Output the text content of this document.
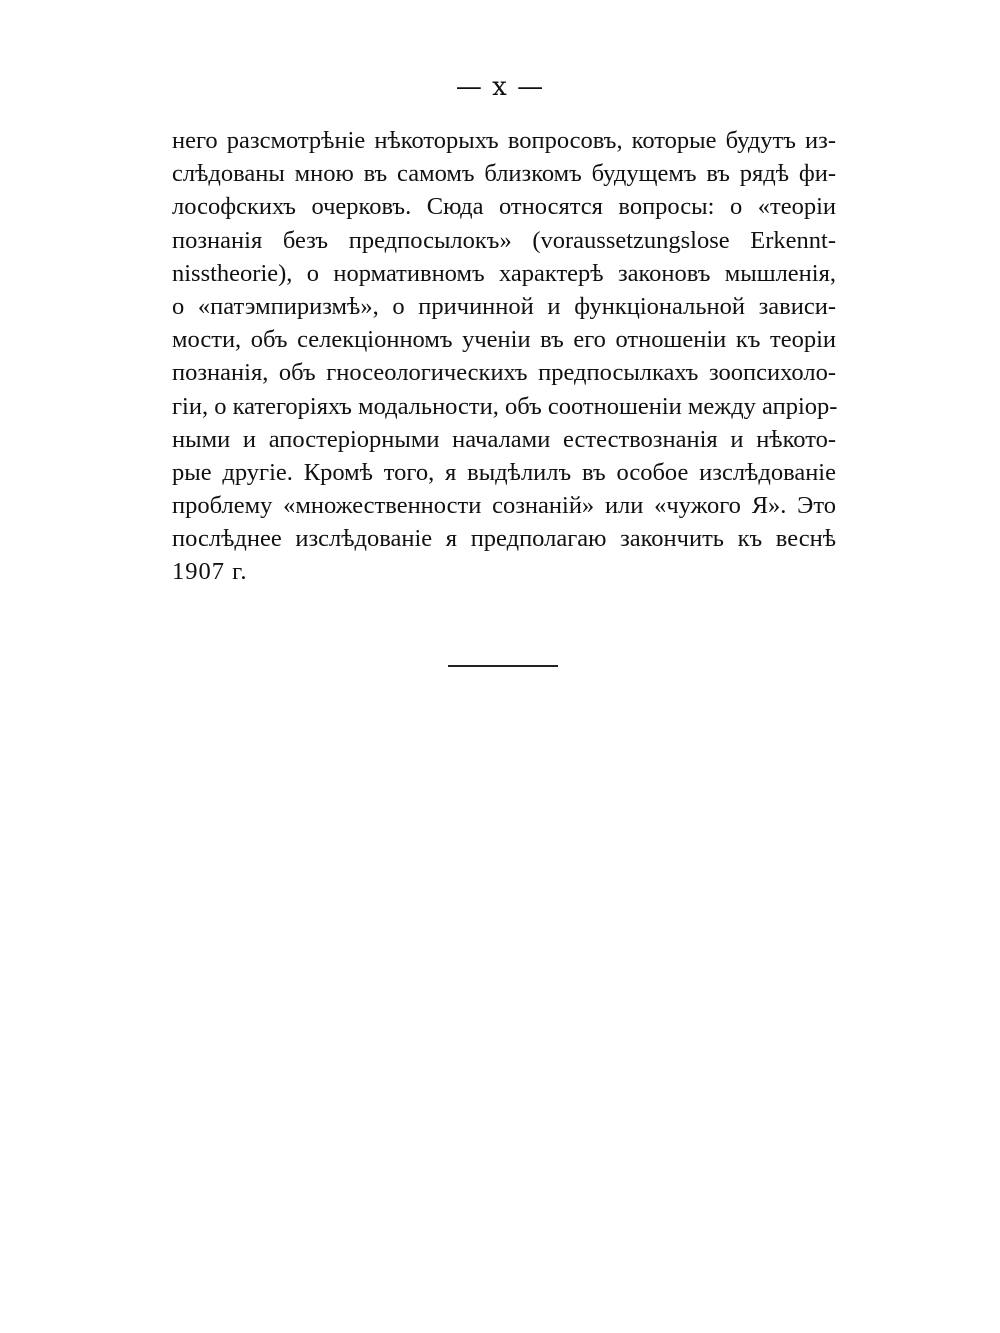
— x —
него разсмотрѣніе нѣкоторыхъ вопросовъ, которые будутъ из-
слѣдованы мною въ самомъ близкомъ будущемъ въ рядѣ фи-
лософскихъ очерковъ. Сюда относятся вопросы: о «теоріи
познанія безъ предпосылокъ» (voraussetzungslose Erkennt-
nisstheorie), о нормативномъ характерѣ законовъ мышленія,
о «патэмпиризмѣ», о причинной и функціональной зависи-
мости, объ селекціонномъ ученіи въ его отношеніи къ теоріи
познанія, объ гносеологическихъ предпосылкахъ зоопсихоло-
гіи, о категоріяхъ модальности, объ соотношеніи между апріор-
ными и апостеріорными началами естествознанія и нѣкото-
рые другіе. Кромѣ того, я выдѣлилъ въ особое изслѣдованіе
проблему «множественности сознаній» или «чужого Я». Это
послѣднее изслѣдованіе я предполагаю закончить къ веснѣ
1907 г.
